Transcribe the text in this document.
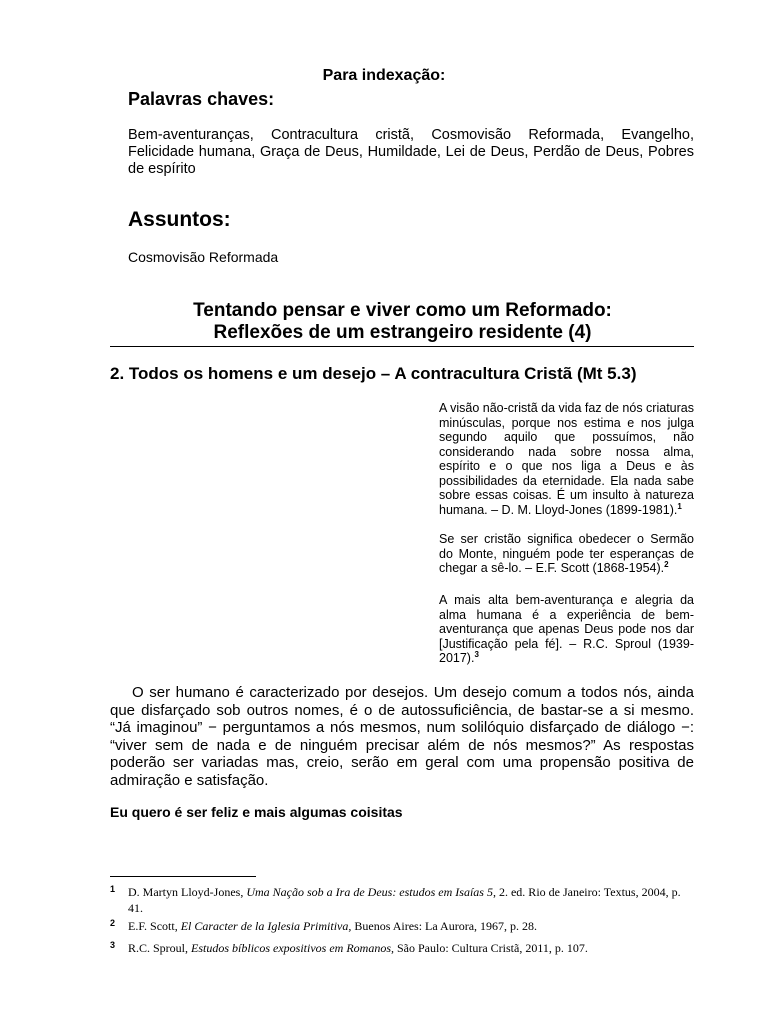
Para indexação:
Palavras chaves:
Bem-aventuranças, Contracultura cristã, Cosmovisão Reformada, Evangelho, Felicidade humana, Graça de Deus, Humildade, Lei de Deus, Perdão de Deus, Pobres de espírito
Assuntos:
Cosmovisão Reformada
Tentando pensar e viver como um Reformado:
Reflexões de um estrangeiro residente (4)
2. Todos os homens e um desejo – A contracultura Cristã (Mt 5.3)
A visão não-cristã da vida faz de nós criaturas minúsculas, porque nos estima e nos julga segundo aquilo que possuímos, não considerando nada sobre nossa alma, espírito e o que nos liga a Deus e às possibilidades da eternidade. Ela nada sabe sobre essas coisas. É um insulto à natureza humana. – D. M. Lloyd-Jones (1899-1981).$^1$
Se ser cristão significa obedecer o Sermão do Monte, ninguém pode ter esperanças de chegar a sê-lo. – E.F. Scott (1868-1954).$^2$
A mais alta bem-aventurança e alegria da alma humana é a experiência de bem-aventurança que apenas Deus pode nos dar [Justificação pela fé]. – R.C. Sproul (1939-2017).$^3$
O ser humano é caracterizado por desejos. Um desejo comum a todos nós, ainda que disfarçado sob outros nomes, é o de autossuficiência, de bastar-se a si mesmo. “Já imaginou” − perguntamos a nós mesmos, num solilóquio disfarçado de diálogo −: “viver sem de nada e de ninguém precisar além de nós mesmos?” As respostas poderão ser variadas mas, creio, serão em geral com uma propensão positiva de admiração e satisfação.
Eu quero é ser feliz e mais algumas coisitas
1 D. Martyn Lloyd-Jones, Uma Nação sob a Ira de Deus: estudos em Isaías 5, 2. ed. Rio de Janeiro: Textus, 2004, p. 41.
2 E.F. Scott, El Caracter de la Iglesia Primitiva, Buenos Aires: La Aurora, 1967, p. 28.
3 R.C. Sproul, Estudos bíblicos expositivos em Romanos, São Paulo: Cultura Cristã, 2011, p. 107.
